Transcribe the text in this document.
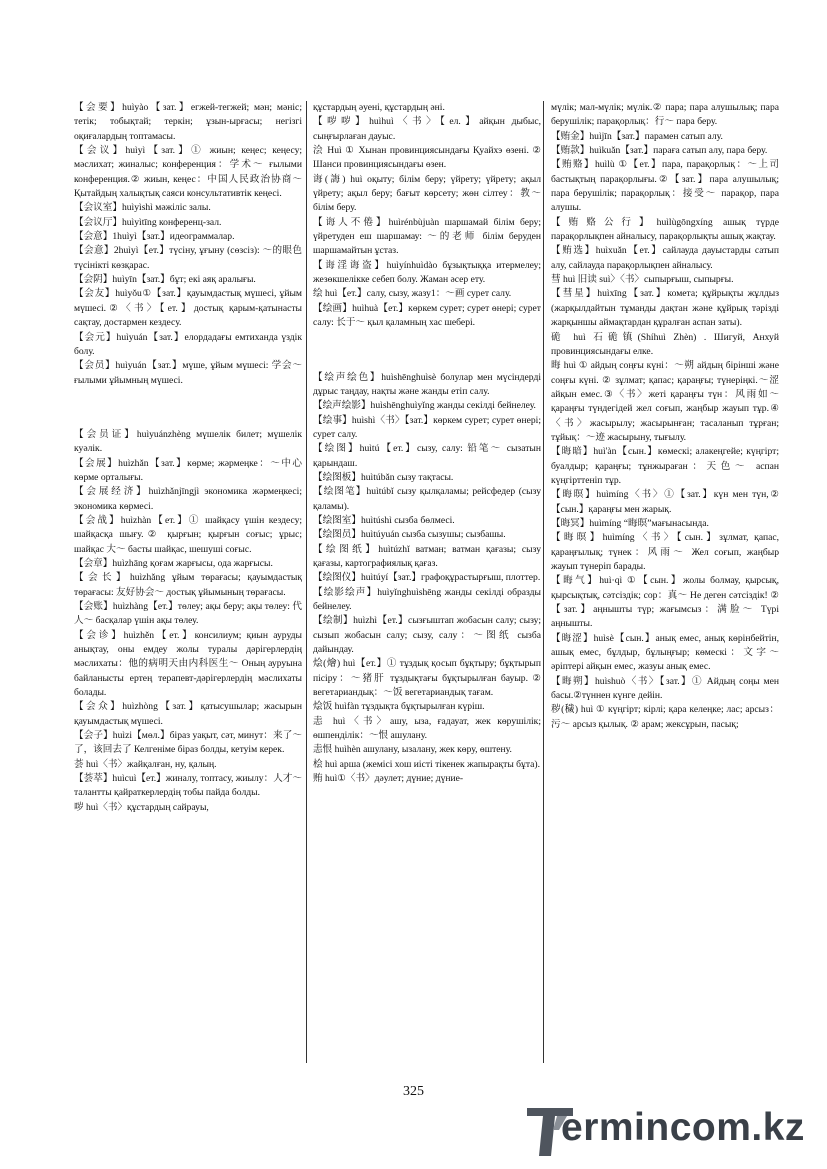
【会要】huìyào【зат.】егжей-тегжей; мән; мәніс; тетік; тобықтай; теркін; ұзын-ырғасы; негізгі оқиғалардың топтамасы.

【会议】huìyì【зат.】① жиын; кеңес; кеңесу; мәслихат; жиналыс; конференция：学术～ ғылыми конференция.② жиын, кеңес：中国人民政治协商～ Қытайдың халықтық саяси консультативтік кеңесі.

【会议室】huìyìshì мәжіліс залы.

【会议厅】huìyìtīng конференц-зал.

【会意】1huìyì【зат.】идеограммалар.

【会意】2huìyì【ет.】түсіну, ұғыну (сөзсіз): ～的眼色 түсінікті көзқарас.

【会阴】huìyīn【зат.】бұт; екі аяқ аралығы.

【会友】huìyǒu①【зат.】қауымдастық мүшесі, ұйым мүшесі.②〈书〉【ет.】достық қарым-қатынасты сақтау, достармен кездесу.

【会元】huìyuán【зат.】елордадағы емтиханда үздік болу.

【会员】huìyuán【зат.】мүше, ұйым мүшесі: 学会～ ғылыми ұйымның мүшесі.

【会员证】huìyuánzhèng мүшелік билет; мүшелік куәлік.

【会展】huìzhǎn【зат.】көрме; жәрмеңке：～中心 көрме орталығы.

【会展经济】huìzhǎnjīngjì экономика жәрмеңкесі; экономика көрмесі.

【会战】huìzhàn【ет.】① шайқасу үшін кездесу; шайқасқа шығу.② қырғын; қырғын соғыс; ұрыс; шайқас 大～ басты шайқас, шешуші соғыс.

【会章】huìzhāng қоғам жарғысы, ода жарғысы.

【会长】huìzhǎng ұйым төрағасы; қауымдастық төрағасы: 友好协会～ достық ұйымының төрағасы.

【会账】huìzhàng【ет.】төлеу; ақы беру; ақы төлеу: 代人～ басқалар үшін ақы төлеу.

【会诊】huìzhěn【ет.】консилиум; қиын ауруды анықтау, оны емдеу жолы туралы дәрігерлердің мәслихаты：他的病明天由内科医生～ Оның ауруына байланысты ертең терапевт-дәрігерлердің мәслихаты болады.

【会众】huìzhòng【зат.】қатысушылар; жасырын қауымдастық мүшесі.

【会子】huìzi【мөл.】біраз уақыт, сәт, минут：来了～了，该回去了 Келгеніме біраз болды, кетуім керек.

荟 huì〈书〉жайқалған, ну, қалың.

【荟萃】huìcuì【ет.】жиналу, топтасу, жиылу：人才～ талантты қайраткерлердің тобы пайда болды.

哕 huì〈书〉құстардың сайрауы,

құстардың әуені, құстардың әні.

【哕哕】huìhuì〈书〉【ел.】айқын дыбыс, сыңғырлаған дауыс.

浍 Huì ① Хынан провинциясындағы Қуайхэ өзені. ② Шанси провинциясындағы өзен.

诲(誨) huì оқыту; білім беру; үйрету; үйрету; ақыл үйрету; ақыл беру; бағыт көрсету; жөн сілтеу：教～ білім беру.

【诲人不倦】huìrénbùjuàn шаршамай білім беру; үйретуден еш шаршамау: ～的老师 білім беруден шаршамайтын ұстаз.

【诲淫诲盗】huìyínhuìdào бұзықтыққа итермелеу; жезөкшелікке себеп болу. Жаман әсер ету.

绘 huì【ет.】салу, сызу, жазу1：～画 сурет салу.

【绘画】huìhuà【ет.】көркем сурет; сурет өнері; сурет салу: 长于～ қыл қаламның хас шебері.

【绘声绘色】huìshēnghuìsè болулар мен мүсіндерді дұрыс таңдау, нақты және жанды етіп салу.

【绘声绘影】huìshēnghuìyǐng жанды секілді бейнелеу.

【绘事】huìshì〈书〉【зат.】көркем сурет; сурет өнері; сурет салу.

【绘图】huìtú【ет.】сызу, салу: 铅笔～ сызатын қарындаш.

【绘图板】huìtúbǎn сызу тақтасы.

【绘图笔】huìtúbǐ сызу қылқаламы; рейсфедер (сызу қаламы).

【绘图室】huìtúshì сызба бөлмесі.

【绘图员】huìtúyuán сызба сызушы; сызбашы.

【绘图纸】huìtúzhǐ ватман; ватман қағазы; сызу қағазы, картографиялық қағаз.

【绘图仪】huìtúyí【зат.】графоқұрастырғыш, плоттер.

【绘影绘声】huìyǐnghuìshēng жанды секілді образды бейнелеу.

【绘制】huìzhì【ет.】сызғыштап жобасын салу; сызу; сызып жобасын салу; сызу, салу：～图纸 сызба дайындау.

烩(燴) huì【ет.】① тұздық қосып бұқтыру; бұқтырып пісіру：～猪肝 тұздықтағы бұқтырылған бауыр. ② вегетариандық：～饭 вегетариандық тағам.

烩饭 huìfàn тұздықта бұқтырылған күріш.

恚 huì〈书〉ашу, ыза, ғадауат, жек көрушілік; өшпенділік：～恨 ашулану.

恚恨 huìhèn ашулану, ызалану, жек көру, өштену.

桧 huì арша (жемісі хош иісті тікенек жапырақты бұта).

贿 huì①〈书〉дәулет; дүние; дүние-

мүлік; мал-мүлік; мүлік.② пара; пара алушылық; пара берушілік; парақорлық：行～ пара беру.

【贿金】huìjīn【зат.】парамен сатып алу.

【贿款】huìkuǎn【зат.】параға сатып алу, пара беру.

【贿赂】huìlù ①【ет.】пара, парақорлық：～上司 бастықтың парақорлығы.②【зат.】пара алушылық; пара берушілік; парақорлық：接受～ парақор, пара алушы.

【贿赂公行】huìlùgōngxíng ашық түрде парақорлықпен айналысу, парақорлықты ашық жақтау.

【贿选】huìxuǎn【ет.】сайлауда дауыстарды сатып алу, сайлауда парақорлықпен айналысу.

彗 huì 旧读 suì〉〈书〉сыпырғыш, сыпырғы.

【彗星】huìxīng【зат.】комета; құйрықты жұлдыз (жарқылдайтын тұманды дақтан және құйрық тәрізді жарқыншы аймақтардан құралған аспан заты).

硊 huì 石硊镇(Shíhuì Zhèn) . Шигуй, Анхуй провинциясындағы елке.

晦 huì ① айдың соңғы күні：～朔 айдың бірінші және соңғы күні. ② зұлмат; қапас; қараңғы; түнеріңкі.～涩 айқын емес.③〈书〉жеті қараңғы түн：风雨如～ қараңғы түндегідей жел соғып, жаңбыр жауып тұр.④〈书〉жасырылу; жасырынған; тасаланып тұрған; тұйық：～迹 жасырыну, тығылу.

【晦暗】huì'àn【сын.】көмескі; алакеңгейе; күңгірт; буалдыр; қараңғы; тұнжыраған：天色～ аспан күңгірттеніп тұр.

【晦暝】huìmíng〈书〉①【зат.】күн мен түн,②【сын.】қараңғы мен жарық.

【晦冥】huìmíng “晦暝”мағынасында.

【晦暝】huìmíng〈书〉【сын.】зұлмат, қапас, қараңғылық; түнек：风雨～ Жел соғып, жаңбыр жауып түнеріп барады.

【晦气】huì·qì ①【сын.】жолы болмау, қырсық, қырсықтық, сәтсіздік; сор：真～ Не деген сәтсіздік! ②【зат.】аңнышты түр; жағымсыз：满脸～ Түрі аңнышты.

【晦涩】huìsè【сын.】анық емес, анық көрінбейтін, ашық емес, бұлдыр, бұлыңғыр; көмескі：文字～ әріптері айқын емес, жазуы анық емес.

【晦朔】huìshuò〈书〉【зат.】① Айдың соңы мен басы.②түннен күнге дейін.

秽(穢) huì ① күңгірт; кірлі; қара келеңке; лас; арсыз：污～ арсыз қылық. ② арам; жексұрын, пасық;

325
ermincom.kz
